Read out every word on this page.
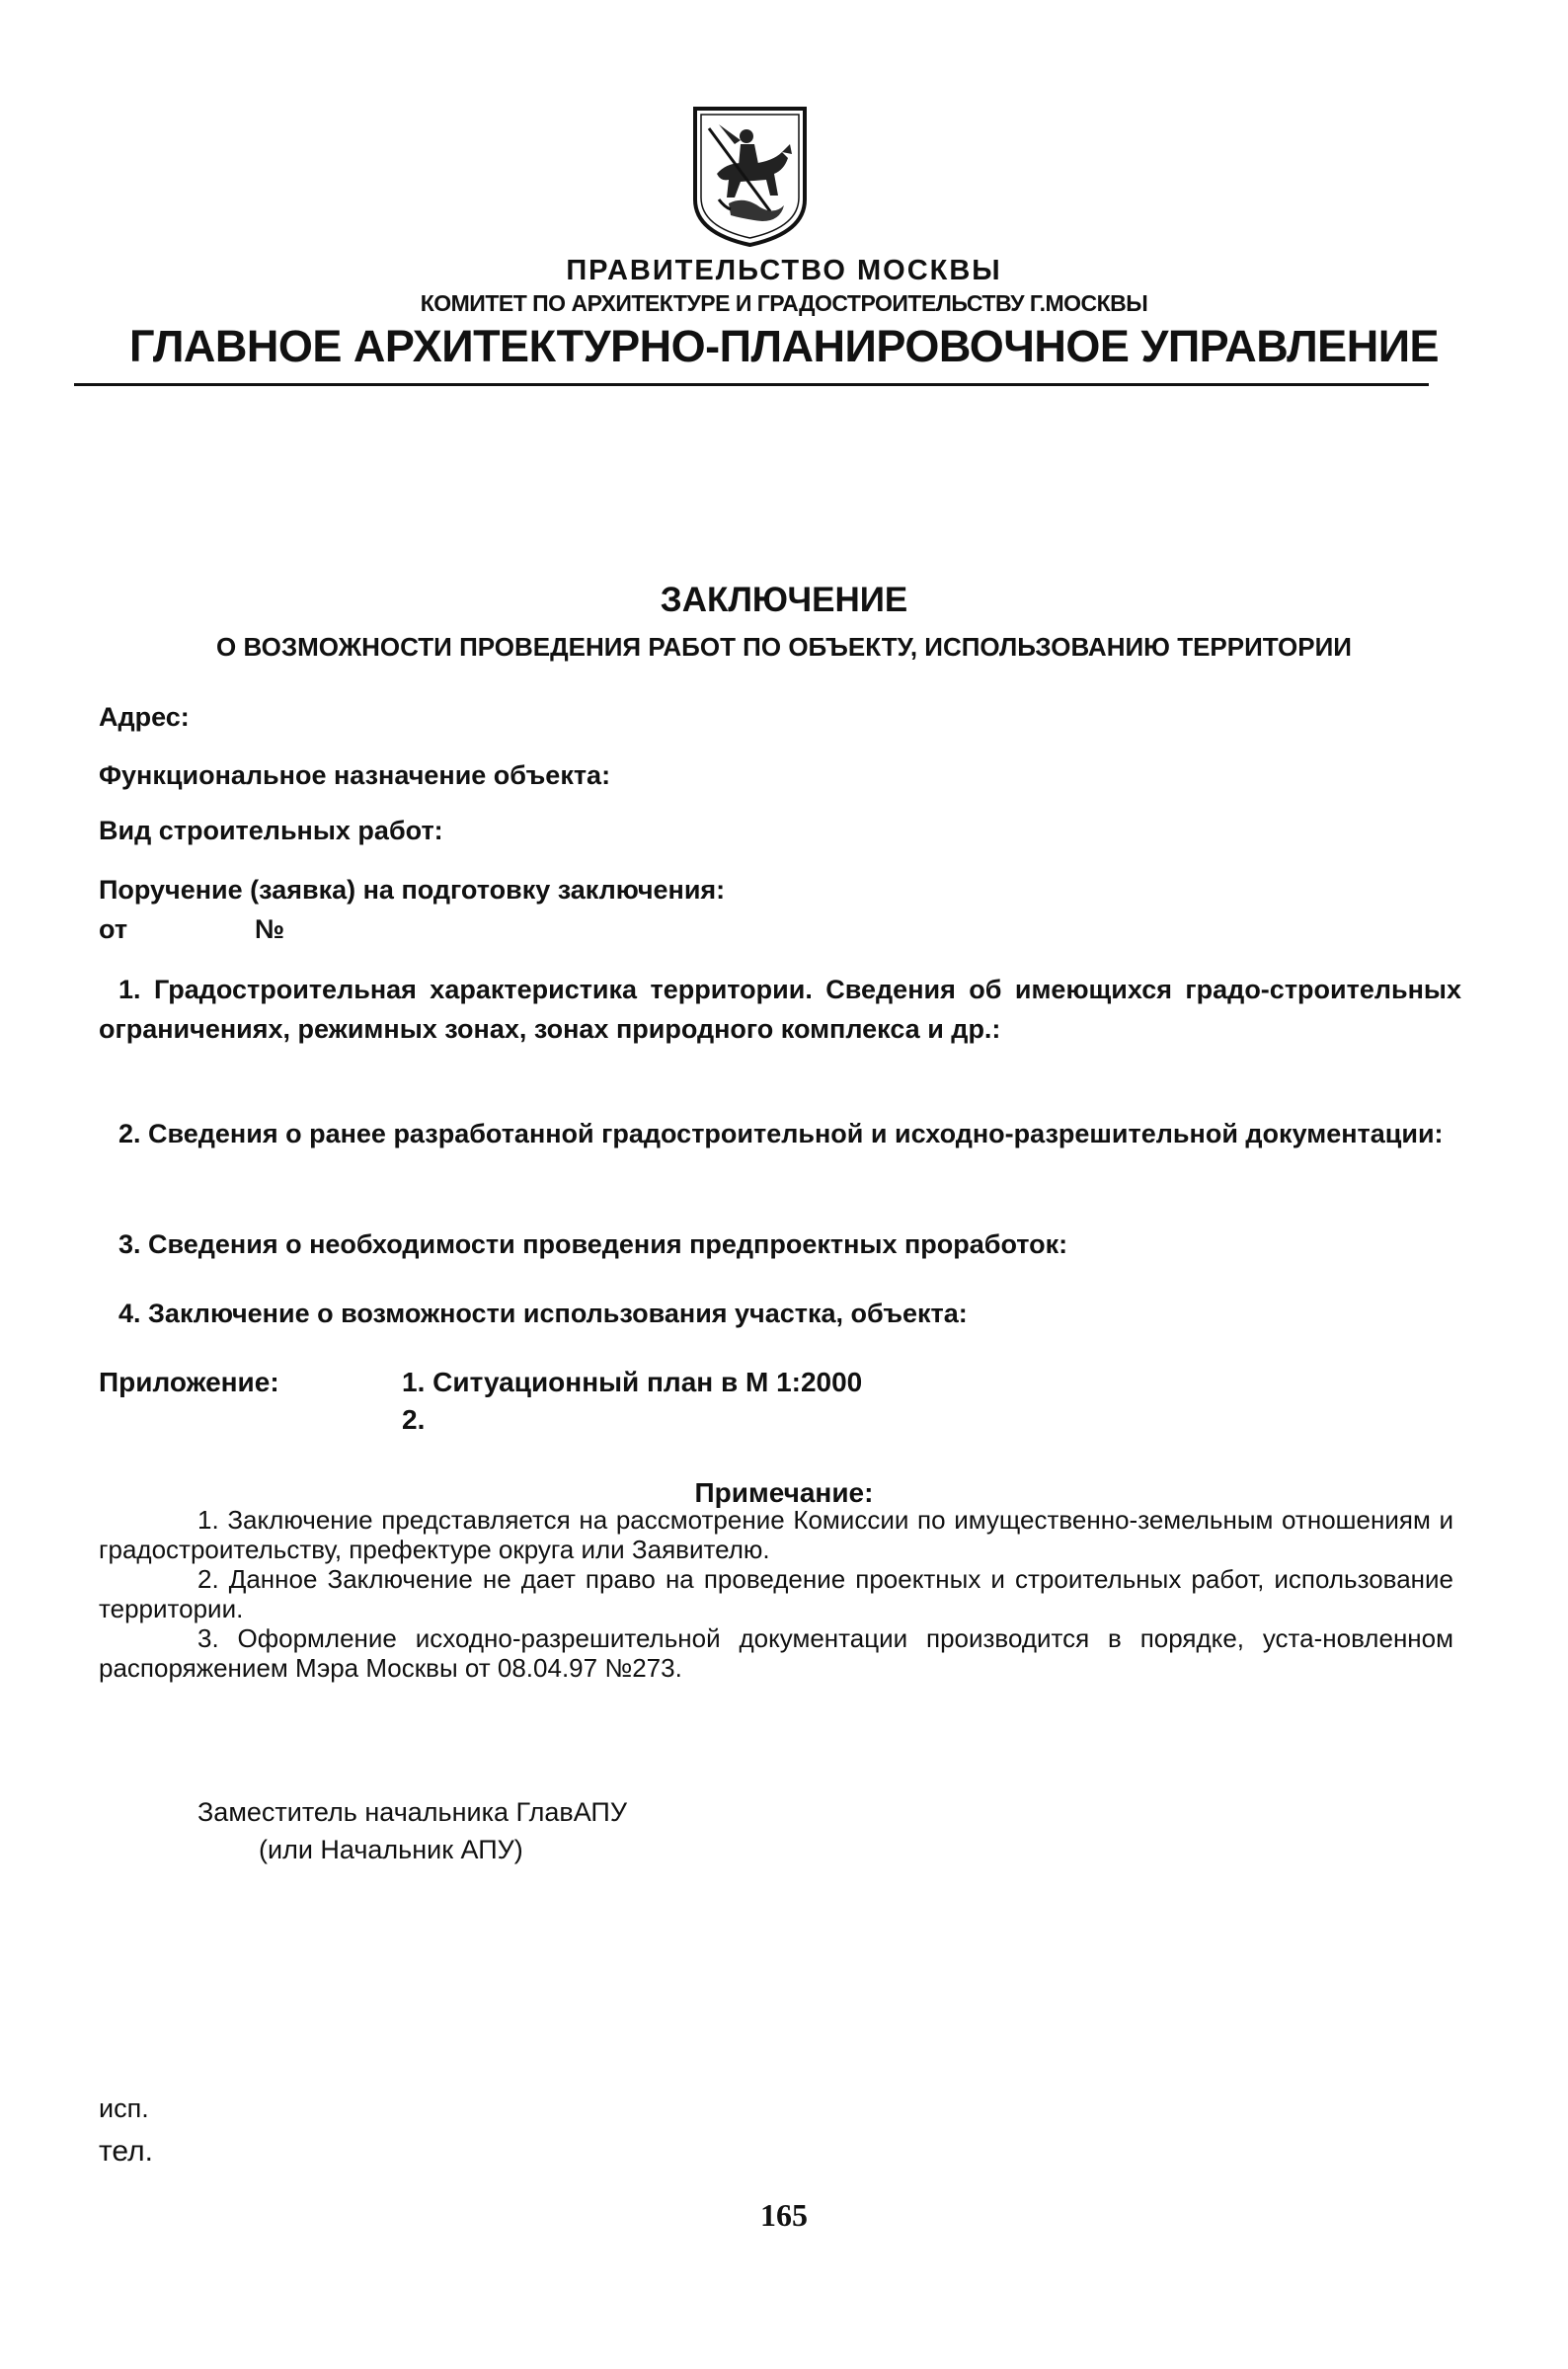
ПРАВИТЕЛЬСТВО МОСКВЫ
КОМИТЕТ ПО АРХИТЕКТУРЕ И ГРАДОСТРОИТЕЛЬСТВУ Г.МОСКВЫ
ГЛАВНОЕ АРХИТЕКТУРНО-ПЛАНИРОВОЧНОЕ УПРАВЛЕНИЕ
ЗАКЛЮЧЕНИЕ
О ВОЗМОЖНОСТИ ПРОВЕДЕНИЯ РАБОТ ПО ОБЪЕКТУ, ИСПОЛЬЗОВАНИЮ ТЕРРИТОРИИ
Адрес:
Функциональное назначение объекта:
Вид строительных работ:
Поручение (заявка) на подготовку заключения:
от	№
1. Градостроительная характеристика территории. Сведения об имеющихся градо-строительных ограничениях, режимных зонах, зонах природного комплекса и др.:
2. Сведения о ранее разработанной градостроительной и исходно-разрешительной документации:
3. Сведения о необходимости проведения предпроектных проработок:
4. Заключение о возможности использования участка, объекта:
Приложение:	1. Ситуационный план в М 1:2000
2.
Примечание:
1. Заключение представляется на рассмотрение Комиссии по имущественно-земельным отношениям и градостроительству, префектуре округа или Заявителю.
2. Данное Заключение не дает право на проведение проектных и строительных работ, использование территории.
3. Оформление исходно-разрешительной документации производится в порядке, уста-новленном распоряжением Мэра Москвы от 08.04.97 №273.
Заместитель начальника ГлавАПУ
(или Начальник АПУ)
исп.
тел.
165
